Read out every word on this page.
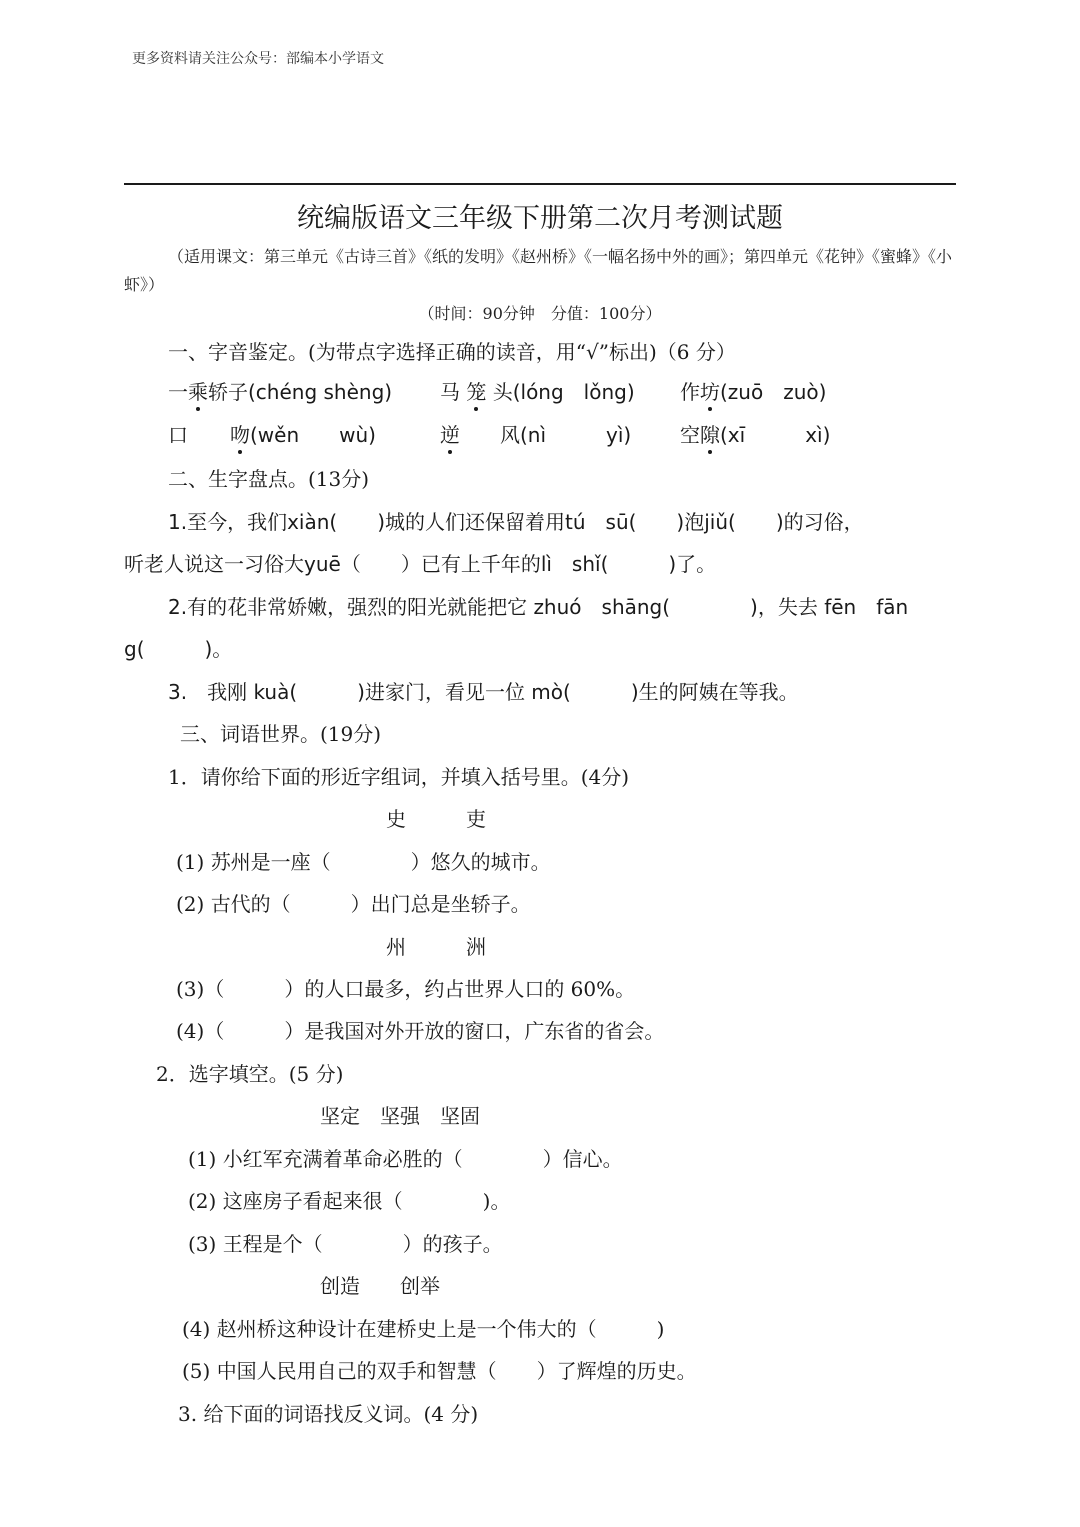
更多资料请关注公众号：部编本小学语文
统编版语文三年级下册第二次月考测试题
（适用课文：第三单元《古诗三首》《纸的发明》《赵州桥》《一幅名扬中外的画》；第四单元《花钟》《蜜蜂》《小虾》）
（时间：90分钟　分值：100分）
一、字音鉴定。(为带点字选择正确的读音，用“√”标出)（6 分）
一乘轿子(chéng shèng) 马 笼 头(lóng　lǒng) 作坊(zuō　zuò)
口 吻(wěn　　wù)	逆　　风(nì　　　yì) 空隙(xī　　　xì)
二、生字盘点。(13分)
1.至今，我们xiàn(　　)城的人们还保留着用tú　sū(　　)泡jiǔ(　　)的习俗，
听老人说这一习俗大yuē（　　）已有上千年的lì　shǐ(　　　)了。
2.有的花非常娇嫩，强烈的阳光就能把它 zhuó　shāng(　　　　)，失去 fēn　fān
g(　　　)。
3.　我刚 kuà(　　　)进家门，看见一位 mò(　　　)生的阿姨在等我。
三、词语世界。(19分)
1．请你给下面的形近字组词，并填入括号里。(4分)
史　　　吏
(1) 苏州是一座（　　　　）悠久的城市。
(2) 古代的（　　　）出门总是坐轿子。
州　　　洲
(3)（　　　）的人口最多，约占世界人口的 60%。
(4)（　　　）是我国对外开放的窗口，广东省的省会。
2．选字填空。(5 分)
坚定　坚强　坚固
(1) 小红军充满着革命必胜的（　　　　）信心。
(2) 这座房子看起来很（　　　　)。
(3) 王程是个（　　　　）的孩子。
创造　　创举
(4) 赵州桥这种设计在建桥史上是一个伟大的（　　　)
(5) 中国人民用自己的双手和智慧（　　）了辉煌的历史。
3. 给下面的词语找反义词。(4 分)
